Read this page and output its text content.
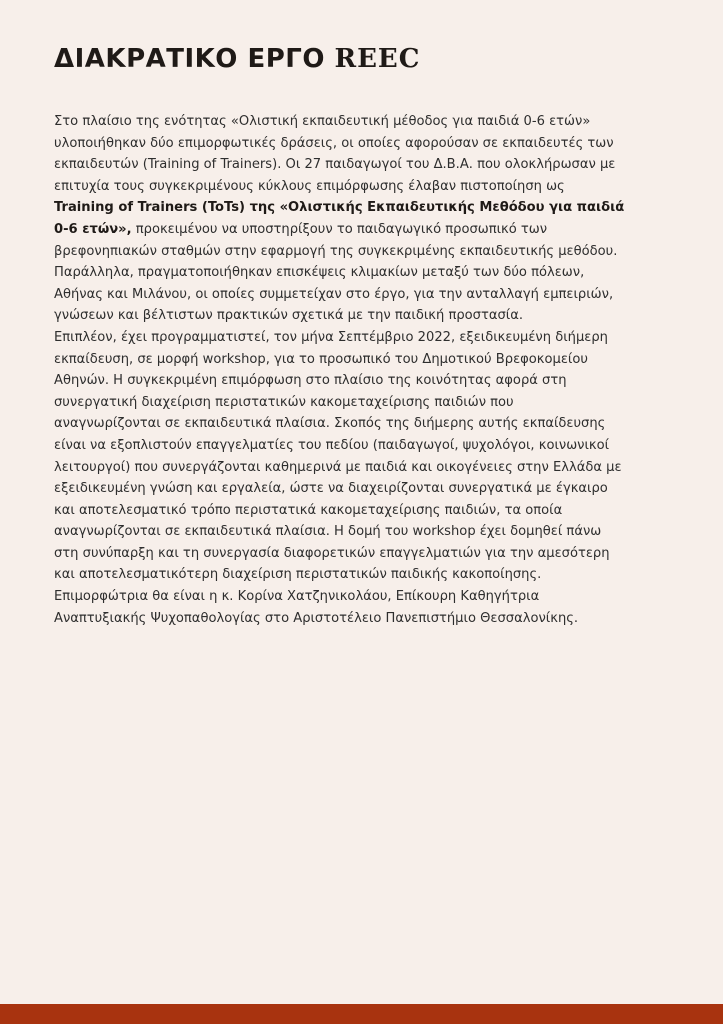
ΔΙΑΚΡΑΤΙΚΟ ΕΡΓΟ REEC
Στο πλαίσιο της ενότητας «Ολιστική εκπαιδευτική μέθοδος για παιδιά 0-6 ετών»
υλοποιήθηκαν δύο επιμορφωτικές δράσεις, οι οποίες αφορούσαν σε εκπαιδευτές των
εκπαιδευτών (Training of Trainers). Οι 27 παιδαγωγοί του Δ.Β.Α. που ολοκλήρωσαν με
επιτυχία τους συγκεκριμένους κύκλους επιμόρφωσης έλαβαν πιστοποίηση ως
Training of Trainers (ToTs) της «Ολιστικής Εκπαιδευτικής Μεθόδου για παιδιά
0-6 ετών», προκειμένου να υποστηρίξουν το παιδαγωγικό προσωπικό των
βρεφονηπιακών σταθμών στην εφαρμογή της συγκεκριμένης εκπαιδευτικής μεθόδου.
Παράλληλα, πραγματοποιήθηκαν επισκέψεις κλιμακίων μεταξύ των δύο πόλεων,
Αθήνας και Μιλάνου, οι οποίες συμμετείχαν στο έργο, για την ανταλλαγή εμπειριών,
γνώσεων και βέλτιστων πρακτικών σχετικά με την παιδική προστασία.
Επιπλέον, έχει προγραμματιστεί, τον μήνα Σεπτέμβριο 2022, εξειδικευμένη διήμερη
εκπαίδευση, σε μορφή workshop, για το προσωπικό του Δημοτικού Βρεφοκομείου
Αθηνών. Η συγκεκριμένη επιμόρφωση στο πλαίσιο της κοινότητας αφορά στη
συνεργατική διαχείριση περιστατικών κακομεταχείρισης παιδιών που
αναγνωρίζονται σε εκπαιδευτικά πλαίσια. Σκοπός της διήμερης αυτής εκπαίδευσης
είναι να εξοπλιστούν επαγγελματίες του πεδίου (παιδαγωγοί, ψυχολόγοι, κοινωνικοί
λειτουργοί) που συνεργάζονται καθημερινά με παιδιά και οικογένειες στην Ελλάδα με
εξειδικευμένη γνώση και εργαλεία, ώστε να διαχειρίζονται συνεργατικά με έγκαιρο
και αποτελεσματικό τρόπο περιστατικά κακομεταχείρισης παιδιών, τα οποία
αναγνωρίζονται σε εκπαιδευτικά πλαίσια. Η δομή του workshop έχει δομηθεί πάνω
στη συνύπαρξη και τη συνεργασία διαφορετικών επαγγελματιών για την αμεσότερη
και αποτελεσματικότερη διαχείριση περιστατικών παιδικής κακοποίησης.
Επιμορφώτρια θα είναι η κ. Κορίνα Χατζηνικολάου, Επίκουρη Καθηγήτρια
Αναπτυξιακής Ψυχοπαθολογίας στο Αριστοτέλειο Πανεπιστήμιο Θεσσαλονίκης.
